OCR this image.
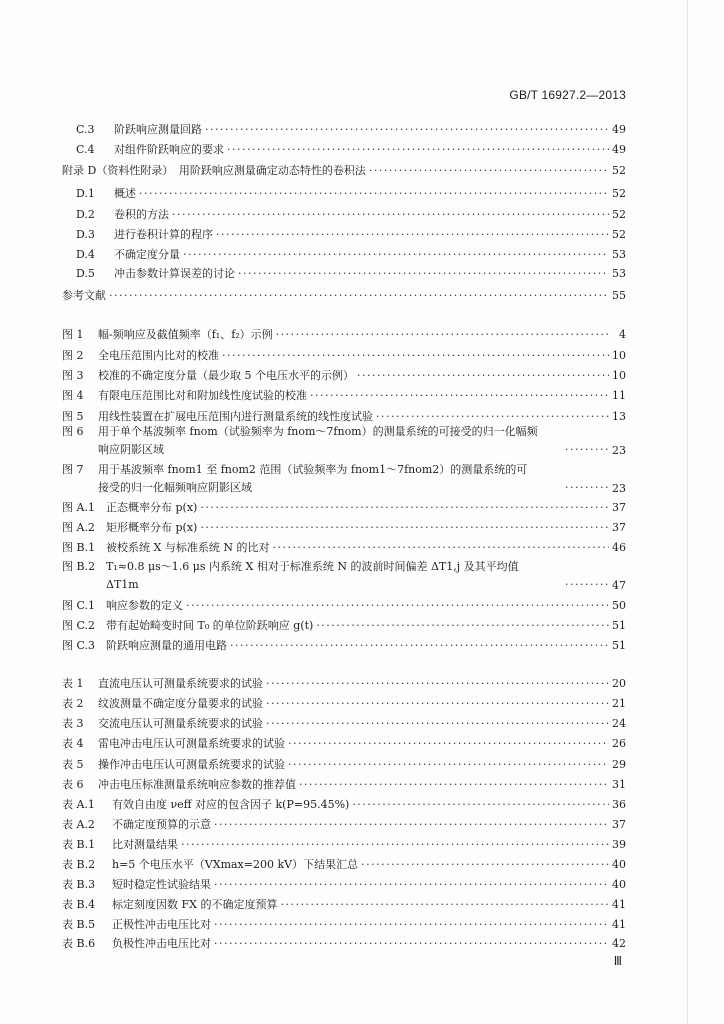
GB/T 16927.2—2013
C.3 阶跃响应测量回路 ·····	49
C.4 对组件阶跃响应的要求 ·····	49
附录 D（资料性附录）　用阶跃响应测量确定动态特性的卷积法 ·····	52
D.1 概述 ·····	52
D.2 卷积的方法 ·····	52
D.3 进行卷积计算的程序 ·····	52
D.4 不确定度分量 ·····	53
D.5 冲击参数计算误差的讨论 ·····	53
参考文献 ·····	55
图 1 幅-频响应及截值频率（f₁、f₂）示例 ·····	4
图 2 全电压范围内比对的校准 ·····	10
图 3 校准的不确定度分量（最少取 5 个电压水平的示例） ·····	10
图 4 有限电压范围比对和附加线性度试验的校准 ·····	11
图 5 用线性装置在扩展电压范围内进行测量系统的线性度试验 ·····	13
图 6	用于单个基波频率 fnom（试验频率为 fnom～7fnom）的测量系统的可接受的归一化幅频响应阴影区域 ·····	23
图 7	用于基波频率 fnom1 至 fnom2 范围（试验频率为 fnom1～7fnom2）的测量系统的可接受的归一化幅频响应阴影区域 ·····	23
图 A.1 正态概率分布 p(x) ·····	37
图 A.2 矩形概率分布 p(x) ·····	37
图 B.1 被校系统 X 与标准系统 N 的比对 ·····	46
图 B.2 T₁≈0.8 μs～1.6 μs 内系统 X 相对于标准系统 N 的波前时间偏差 ΔT1,j 及其平均值 ΔT1m ·····	47
图 C.1 响应参数的定义 ·····	50
图 C.2 带有起始畸变时间 T₀ 的单位阶跃响应 g(t) ·····	51
图 C.3 阶跃响应测量的通用电路 ·····	51
表 1 直流电压认可测量系统要求的试验 ·····	20
表 2 纹波测量不确定度分量要求的试验 ·····	21
表 3 交流电压认可测量系统要求的试验 ·····	24
表 4 雷电冲击电压认可测量系统要求的试验 ·····	26
表 5 操作冲击电压认可测量系统要求的试验 ·····	29
表 6 冲击电压标准测量系统响应参数的推荐值 ·····	31
表 A.1 有效自由度 νeff 对应的包含因子 k(P=95.45%) ·····	36
表 A.2 不确定度预算的示意 ·····	37
表 B.1 比对测量结果 ·····	39
表 B.2 h=5 个电压水平（VXmax=200 kV）下结果汇总 ·····	40
表 B.3 短时稳定性试验结果 ·····	40
表 B.4 标定刻度因数 FX 的不确定度预算 ·····	41
表 B.5 正极性冲击电压比对 ·····	41
表 B.6 负极性冲击电压比对 ·····	42
Ⅲ
